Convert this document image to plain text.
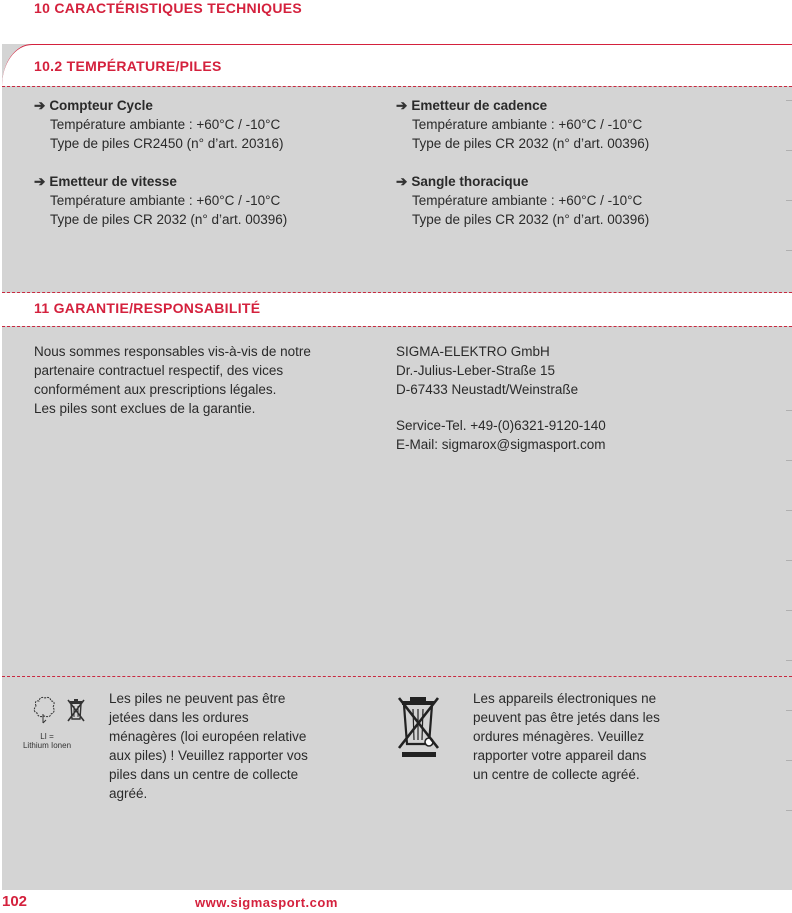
10 CARACTÉRISTIQUES TECHNIQUES
10.2 TEMPÉRATURE/PILES
➔ Compteur Cycle
Température ambiante : +60°C / -10°C
Type de piles CR2450 (n° d’art. 20316)
➔ Emetteur de vitesse
Température ambiante : +60°C / -10°C
Type de piles CR 2032 (n° d’art. 00396)
➔ Emetteur de cadence
Température ambiante : +60°C / -10°C
Type de piles CR 2032 (n° d’art. 00396)
➔ Sangle thoracique
Température ambiante : +60°C / -10°C
Type de piles CR 2032 (n° d’art. 00396)
11 GARANTIE/RESPONSABILITÉ
Nous sommes responsables vis-à-vis de notre
partenaire contractuel respectif, des vices
conformément aux prescriptions légales.
Les piles sont exclues de la garantie.
SIGMA-ELEKTRO GmbH
Dr.-Julius-Leber-Straße 15
D-67433 Neustadt/Weinstraße
Service-Tel. +49-(0)6321-9120-140
E-Mail: sigmarox@sigmasport.com
LI =
Lithium Ionen
Les piles ne peuvent pas être
jetées dans les ordures
ménagères (loi européen relative
aux piles) ! Veuillez rapporter vos
piles dans un centre de collecte
agréé.
Les appareils électroniques ne
peuvent pas être jetés dans les
ordures ménagères. Veuillez
rapporter votre appareil dans
un centre de collecte agréé.
102	www.sigmasport.com
